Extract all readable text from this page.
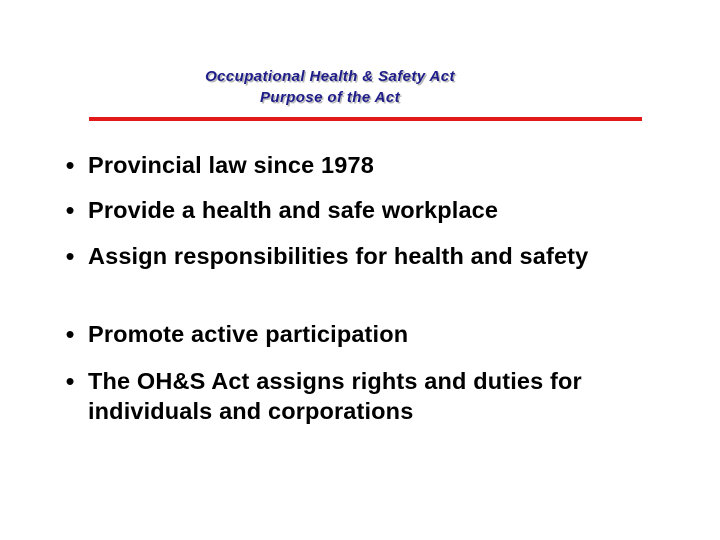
Occupational Health & Safety Act
Purpose of the Act
• Provincial law since 1978
• Provide a health and safe workplace
• Assign responsibilities for health and safety
• Promote active participation
• The OH&S Act assigns rights and duties for individuals and corporations
